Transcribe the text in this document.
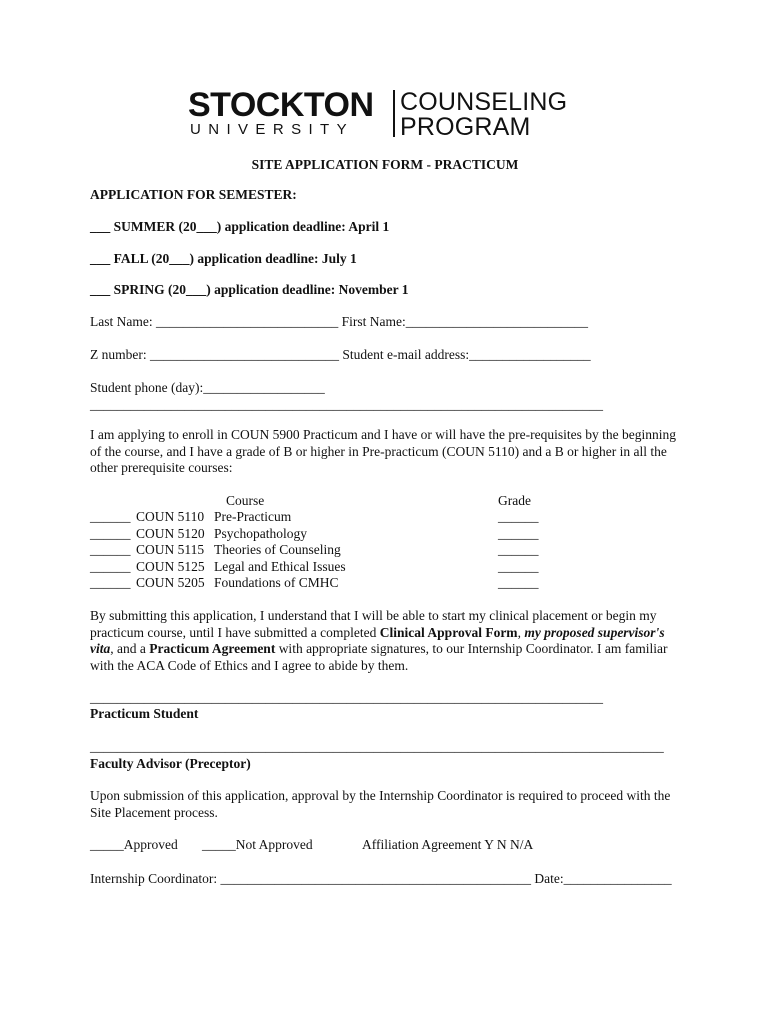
STOCKTON
UNIVERSITY
COUNSELING
PROGRAM
SITE APPLICATION FORM - PRACTICUM
APPLICATION FOR SEMESTER:
___ SUMMER (20___) application deadline: April 1
___ FALL (20___) application deadline: July 1
___ SPRING (20___) application deadline: November 1
Last Name: ___________________________ First Name:___________________________
Z number: ____________________________ Student e-mail address:__________________
Student phone (day):__________________
____________________________________________________________________________
I am applying to enroll in COUN 5900 Practicum and I have or will have the pre-requisites by the beginning of the course, and I have a grade of B or higher in Pre-practicum (COUN 5110) and a B or higher in all the other prerequisite courses:
Course	Grade
______ COUN 5110 Pre-Practicum	______
______ COUN 5120 Psychopathology	______
______ COUN 5115 Theories of Counseling	______
______ COUN 5125 Legal and Ethical Issues	______
______ COUN 5205 Foundations of CMHC	______
By submitting this application, I understand that I will be able to start my clinical placement or begin my practicum course, until I have submitted a completed Clinical Approval Form, my proposed supervisor's vita, and a Practicum Agreement with appropriate signatures, to our Internship Coordinator. I am familiar with the ACA Code of Ethics and I agree to abide by them.
____________________________________________________________________________
Practicum Student
_____________________________________________________________________________________
Faculty Advisor (Preceptor)
Upon submission of this application, approval by the Internship Coordinator is required to proceed with the Site Placement process.
_____Approved _____Not Approved	Affiliation Agreement Y N N/A
Internship Coordinator: ______________________________________________ Date:________________
